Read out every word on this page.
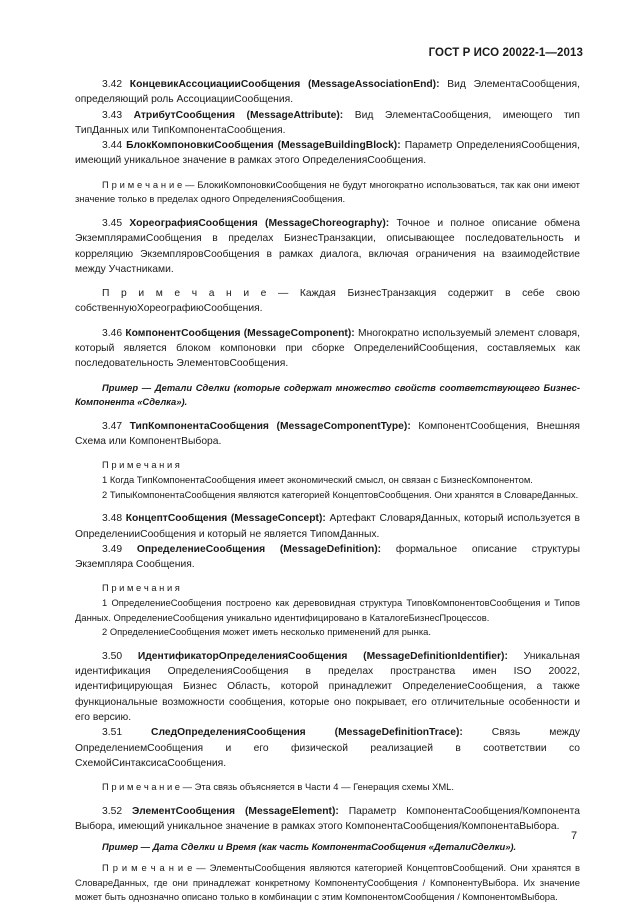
ГОСТ Р ИСО 20022-1—2013

3.42 КонцевикАссоциацииСообщения (MessageAssociationEnd): Вид ЭлементаСообщения, определяющий роль АссоциацииСообщения.

3.43 АтрибутСообщения (MessageAttribute): Вид ЭлементаСообщения, имеющего тип ТипДанных или ТипКомпонентаСообщения.

3.44 БлокКомпоновкиСообщения (MessageBuildingBlock): Параметр ОпределенияСообщения, имеющий уникальное значение в рамках этого ОпределенияСообщения.

П р и м е ч а н и е — БлокиКомпоновкиСообщения не будут многократно использоваться, так как они имеют значение только в пределах одного ОпределенияСообщения.

3.45 ХореографияСообщения (MessageChoreography): Точное и полное описание обмена ЭкземплярамиСообщения в пределах БизнесТранзакции, описывающее последовательность и корреляцию ЭкземпляровСообщения в рамках диалога, включая ограничения на взаимодействие между Участниками.

П р и м е ч а н и е — Каждая БизнесТранзакция содержит в себе свою собственнуюХореографиюСообщения.

3.46 КомпонентСообщения (MessageComponent): Многократно используемый элемент словаря, который является блоком компоновки при сборке ОпределенийСообщения, составляемых как последовательность ЭлементовСообщения.

Пример — Детали Сделки (которые содержат множество свойств соответствующего Бизнес-Компонента «Сделка»).

3.47 ТипКомпонентаСообщения (MessageComponentType): КомпонентСообщения, Внешняя Схема или КомпонентВыбора.

П р и м е ч а н и я

1 Когда ТипКомпонентаСообщения имеет экономический смысл, он связан с БизнесКомпонентом.

2 ТипыКомпонентаСообщения являются категорией КонцептовСообщения. Они хранятся в СловареДанных.

3.48 КонцептСообщения (MessageConcept): Артефакт СловаряДанных, который используется в ОпределенииСообщения и который не является ТипомДанных.

3.49 ОпределениеСообщения (MessageDefinition): формальное описание структуры Экземпляра Сообщения.

П р и м е ч а н и я

1 ОпределениеСообщения построено как деревовидная структура ТиповКомпонентовСообщения и Типов Данных. ОпределениеСообщения уникально идентифицировано в КаталогеБизнесПроцессов.

2 ОпределениеСообщения может иметь несколько применений для рынка.

3.50 ИдентификаторОпределенияСообщения (MessageDefinitionIdentifier): Уникальная идентификация ОпределенияСообщения в пределах пространства имен ISO 20022, идентифицирующая Бизнес Область, которой принадлежит ОпределениеСообщения, а также функциональные возможности сообщения, которые оно покрывает, его отличительные особенности и его версию.

3.51	СледОпределенияСообщения (MessageDefinitionTrace): Связь между ОпределениемСообщения и его физической реализацией в соответствии со СхемойСинтаксисаСообщения.

П р и м е ч а н и е — Эта связь объясняется в Части 4 — Генерация схемы XML.

3.52 ЭлементСообщения (MessageElement): Параметр КомпонентаСообщения/Компонента Выбора, имеющий уникальное значение в рамках этого КомпонентаСообщения/КомпонентаВыбора.

Пример — Дата Сделки и Время (как часть КомпонентаСообщения «ДеталиСделки»).

П р и м е ч а н и е — ЭлементыСообщения являются категорией КонцептовСообщений. Они хранятся в СловареДанных, где они принадлежат конкретному КомпонентуСообщения / КомпонентуВыбора. Их значение может быть однозначно описано только в комбинации с этим КомпонентомСообщения / КомпонентомВыбора.

7
